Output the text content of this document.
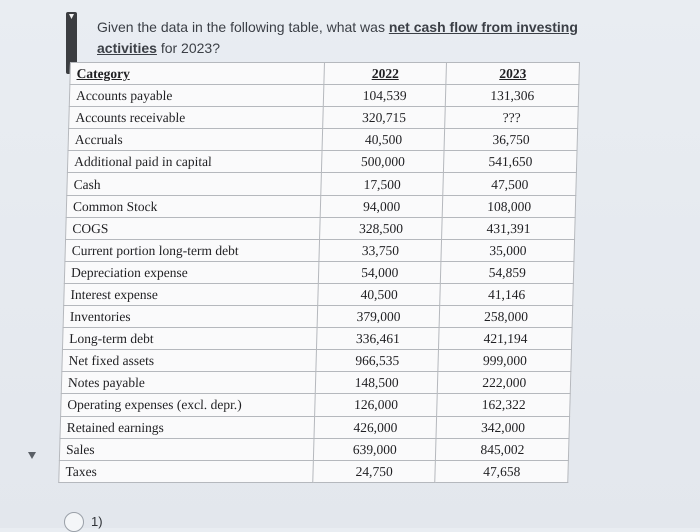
Given the data in the following table, what was net cash flow from investing activities for 2023?
Category	2022	2023
Accounts payable	104,539	131,306
Accounts receivable	320,715	???
Accruals	40,500	36,750
Additional paid in capital	500,000	541,650
Cash	17,500	47,500
Common Stock	94,000	108,000
COGS	328,500	431,391
Current portion long-term debt	33,750	35,000
Depreciation expense	54,000	54,859
Interest expense	40,500	41,146
Inventories	379,000	258,000
Long-term debt	336,461	421,194
Net fixed assets	966,535	999,000
Notes payable	148,500	222,000
Operating expenses (excl. depr.)	126,000	162,322
Retained earnings	426,000	342,000
Sales	639,000	845,002
Taxes	24,750	47,658
1)
